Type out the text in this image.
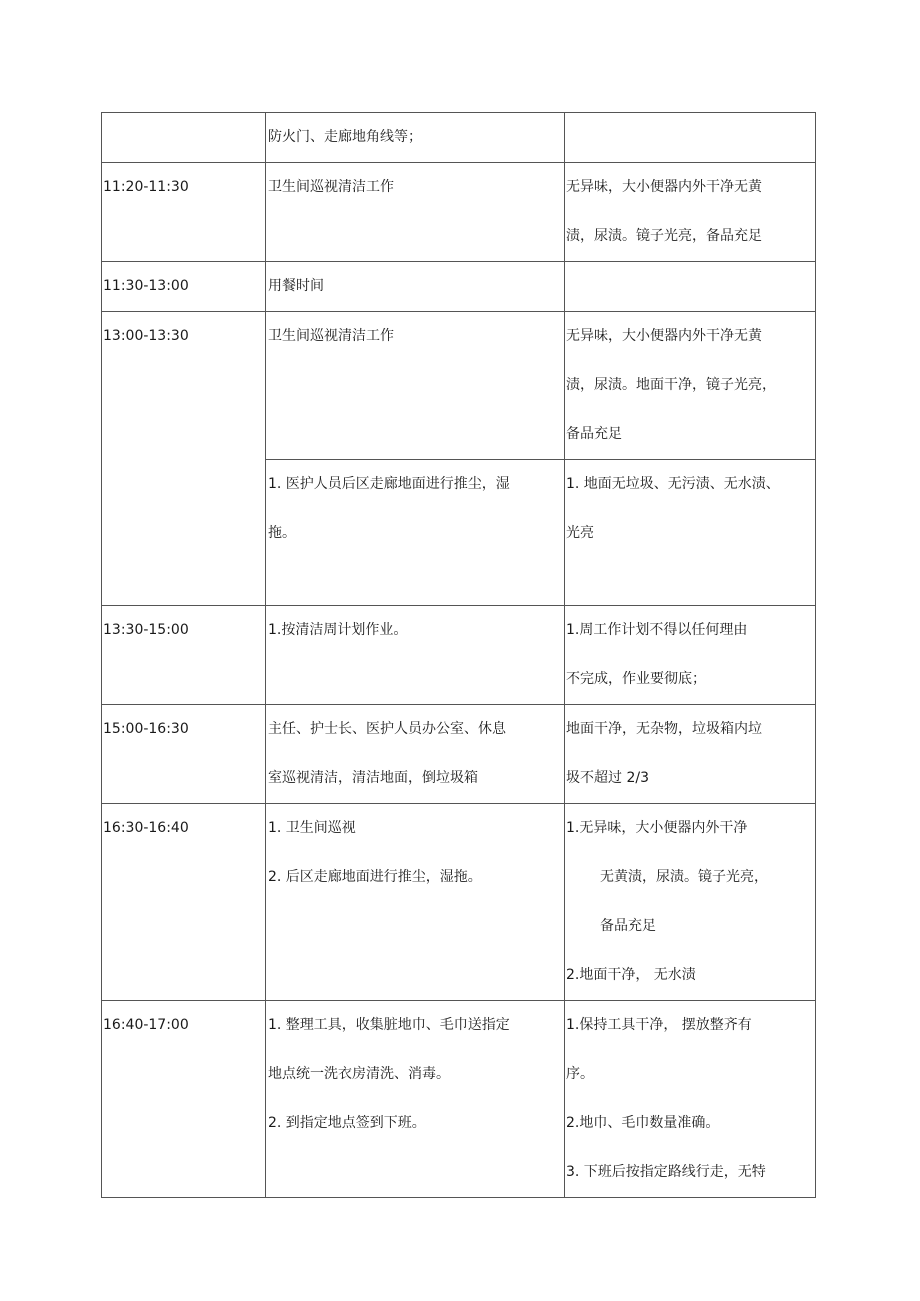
	防火门、走廊地角线等；	

11:20-11:30	卫生间巡视清洁工作	无异味，大小便器内外干净无黄
渍，尿渍。镜子光亮，备品充足

11:30-13:00	用餐时间	

13:00-13:30	卫生间巡视清洁工作	无异味，大小便器内外干净无黄
渍，尿渍。地面干净，镜子光亮，
备品充足

	1. 医护人员后区走廊地面进行推尘，湿
拖。	1. 地面无垃圾、无污渍、无水渍、
光亮

13:30-15:00	1.按清洁周计划作业。	1.周工作计划不得以任何理由
不完成，作业要彻底；

15:00-16:30	主任、护士长、医护人员办公室、休息
室巡视清洁，清洁地面，倒垃圾箱	地面干净，无杂物，垃圾箱内垃
圾不超过 2/3

16:30-16:40	1. 卫生间巡视
2. 后区走廊地面进行推尘，湿拖。	1.无异味，大小便器内外干净
无黄渍，尿渍。镜子光亮，
备品充足
2.地面干净， 无水渍

16:40-17:00	1. 整理工具，收集脏地巾、毛巾送指定
地点统一洗衣房清洗、消毒。
2. 到指定地点签到下班。	1.保持工具干净， 摆放整齐有
序。
2.地巾、毛巾数量准确。
3. 下班后按指定路线行走，无特
